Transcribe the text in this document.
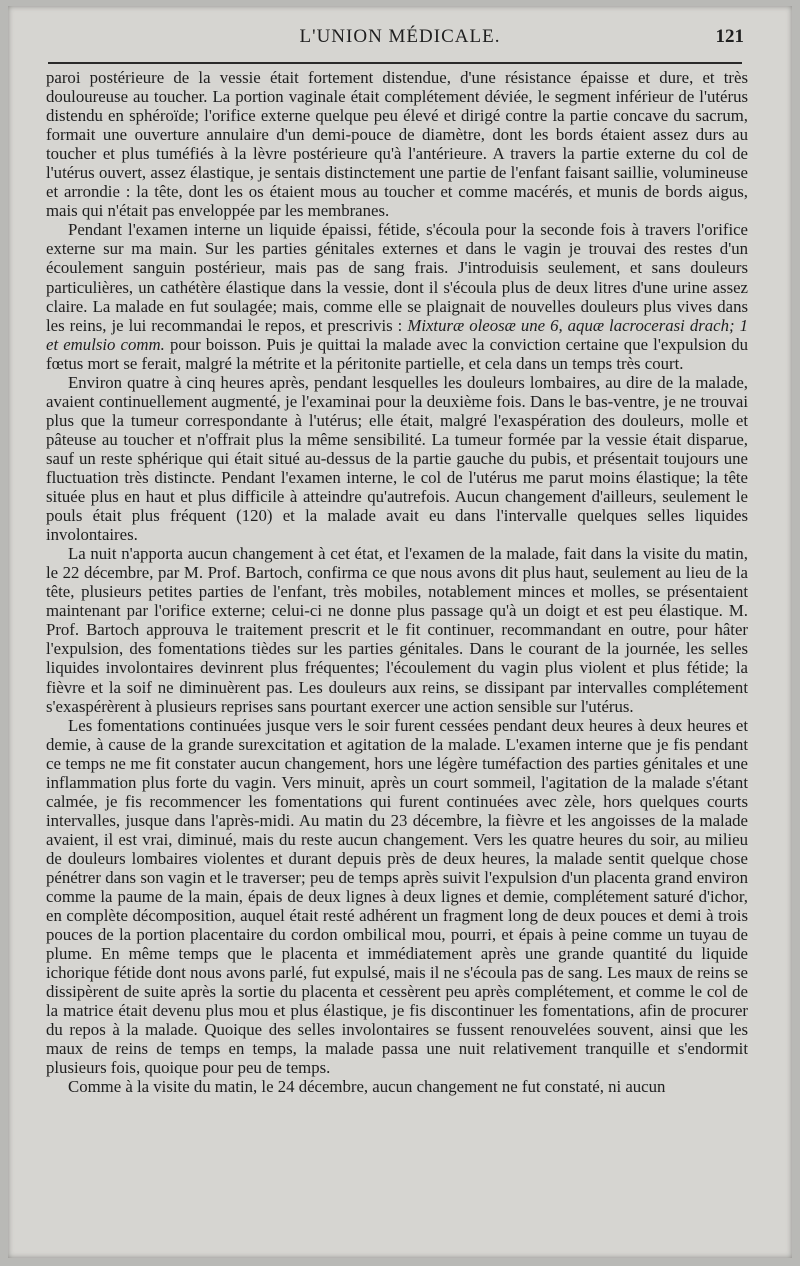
L'UNION MÉDICALE.	121

paroi postérieure de la vessie était fortement distendue, d'une résistance épaisse et dure, et très douloureuse au toucher. La portion vaginale était complétement déviée, le segment inférieur de l'utérus distendu en sphéroïde; l'orifice externe quelque peu élevé et dirigé contre la partie concave du sacrum, formait une ouverture annulaire d'un demi-pouce de diamètre, dont les bords étaient assez durs au toucher et plus tuméfiés à la lèvre postérieure qu'à l'antérieure. A travers la partie externe du col de l'utérus ouvert, assez élastique, je sentais distinctement une partie de l'enfant faisant saillie, volumineuse et arrondie : la tête, dont les os étaient mous au toucher et comme macérés, et munis de bords aigus, mais qui n'était pas enveloppée par les membranes.

Pendant l'examen interne un liquide épaissi, fétide, s'écoula pour la seconde fois à travers l'orifice externe sur ma main. Sur les parties génitales externes et dans le vagin je trouvai des restes d'un écoulement sanguin postérieur, mais pas de sang frais. J'introduisis seulement, et sans douleurs particulières, un cathétère élastique dans la vessie, dont il s'écoula plus de deux litres d'une urine assez claire. La malade en fut soulagée; mais, comme elle se plaignait de nouvelles douleurs plus vives dans les reins, je lui recommandai le repos, et prescrivis : Mixturæ oleosæ une 6, aquæ lacrocerasi drach; 1 et emulsio comm. pour boisson. Puis je quittai la malade avec la conviction certaine que l'expulsion du fœtus mort se ferait, malgré la métrite et la péritonite partielle, et cela dans un temps très court.

Environ quatre à cinq heures après, pendant lesquelles les douleurs lombaires, au dire de la malade, avaient continuellement augmenté, je l'examinai pour la deuxième fois. Dans le bas-ventre, je ne trouvai plus que la tumeur correspondante à l'utérus; elle était, malgré l'exaspération des douleurs, molle et pâteuse au toucher et n'offrait plus la même sensibilité. La tumeur formée par la vessie était disparue, sauf un reste sphérique qui était situé au-dessus de la partie gauche du pubis, et présentait toujours une fluctuation très distincte. Pendant l'examen interne, le col de l'utérus me parut moins élastique; la tête située plus en haut et plus difficile à atteindre qu'autrefois. Aucun changement d'ailleurs, seulement le pouls était plus fréquent (120) et la malade avait eu dans l'intervalle quelques selles liquides involontaires.

La nuit n'apporta aucun changement à cet état, et l'examen de la malade, fait dans la visite du matin, le 22 décembre, par M. Prof. Bartoch, confirma ce que nous avons dit plus haut, seulement au lieu de la tête, plusieurs petites parties de l'enfant, très mobiles, notablement minces et molles, se présentaient maintenant par l'orifice externe; celui-ci ne donne plus passage qu'à un doigt et est peu élastique. M. Prof. Bartoch approuva le traitement prescrit et le fit continuer, recommandant en outre, pour hâter l'expulsion, des fomentations tièdes sur les parties génitales. Dans le courant de la journée, les selles liquides involontaires devinrent plus fréquentes; l'écoulement du vagin plus violent et plus fétide; la fièvre et la soif ne diminuèrent pas. Les douleurs aux reins, se dissipant par intervalles complétement s'exaspérèrent à plusieurs reprises sans pourtant exercer une action sensible sur l'utérus.

Les fomentations continuées jusque vers le soir furent cessées pendant deux heures à deux heures et demie, à cause de la grande surexcitation et agitation de la malade. L'examen interne que je fis pendant ce temps ne me fit constater aucun changement, hors une légère tuméfaction des parties génitales et une inflammation plus forte du vagin. Vers minuit, après un court sommeil, l'agitation de la malade s'étant calmée, je fis recommencer les fomentations qui furent continuées avec zèle, hors quelques courts intervalles, jusque dans l'après-midi. Au matin du 23 décembre, la fièvre et les angoisses de la malade avaient, il est vrai, diminué, mais du reste aucun changement. Vers les quatre heures du soir, au milieu de douleurs lombaires violentes et durant depuis près de deux heures, la malade sentit quelque chose pénétrer dans son vagin et le traverser; peu de temps après suivit l'expulsion d'un placenta grand environ comme la paume de la main, épais de deux lignes à deux lignes et demie, complétement saturé d'ichor, en complète décomposition, auquel était resté adhérent un fragment long de deux pouces et demi à trois pouces de la portion placentaire du cordon ombilical mou, pourri, et épais à peine comme un tuyau de plume. En même temps que le placenta et immédiatement après une grande quantité du liquide ichorique fétide dont nous avons parlé, fut expulsé, mais il ne s'écoula pas de sang. Les maux de reins se dissipèrent de suite après la sortie du placenta et cessèrent peu après complétement, et comme le col de la matrice était devenu plus mou et plus élastique, je fis discontinuer les fomentations, afin de procurer du repos à la malade. Quoique des selles involontaires se fussent renouvelées souvent, ainsi que les maux de reins de temps en temps, la malade passa une nuit relativement tranquille et s'endormit plusieurs fois, quoique pour peu de temps.

Comme à la visite du matin, le 24 décembre, aucun changement ne fut constaté, ni aucun
